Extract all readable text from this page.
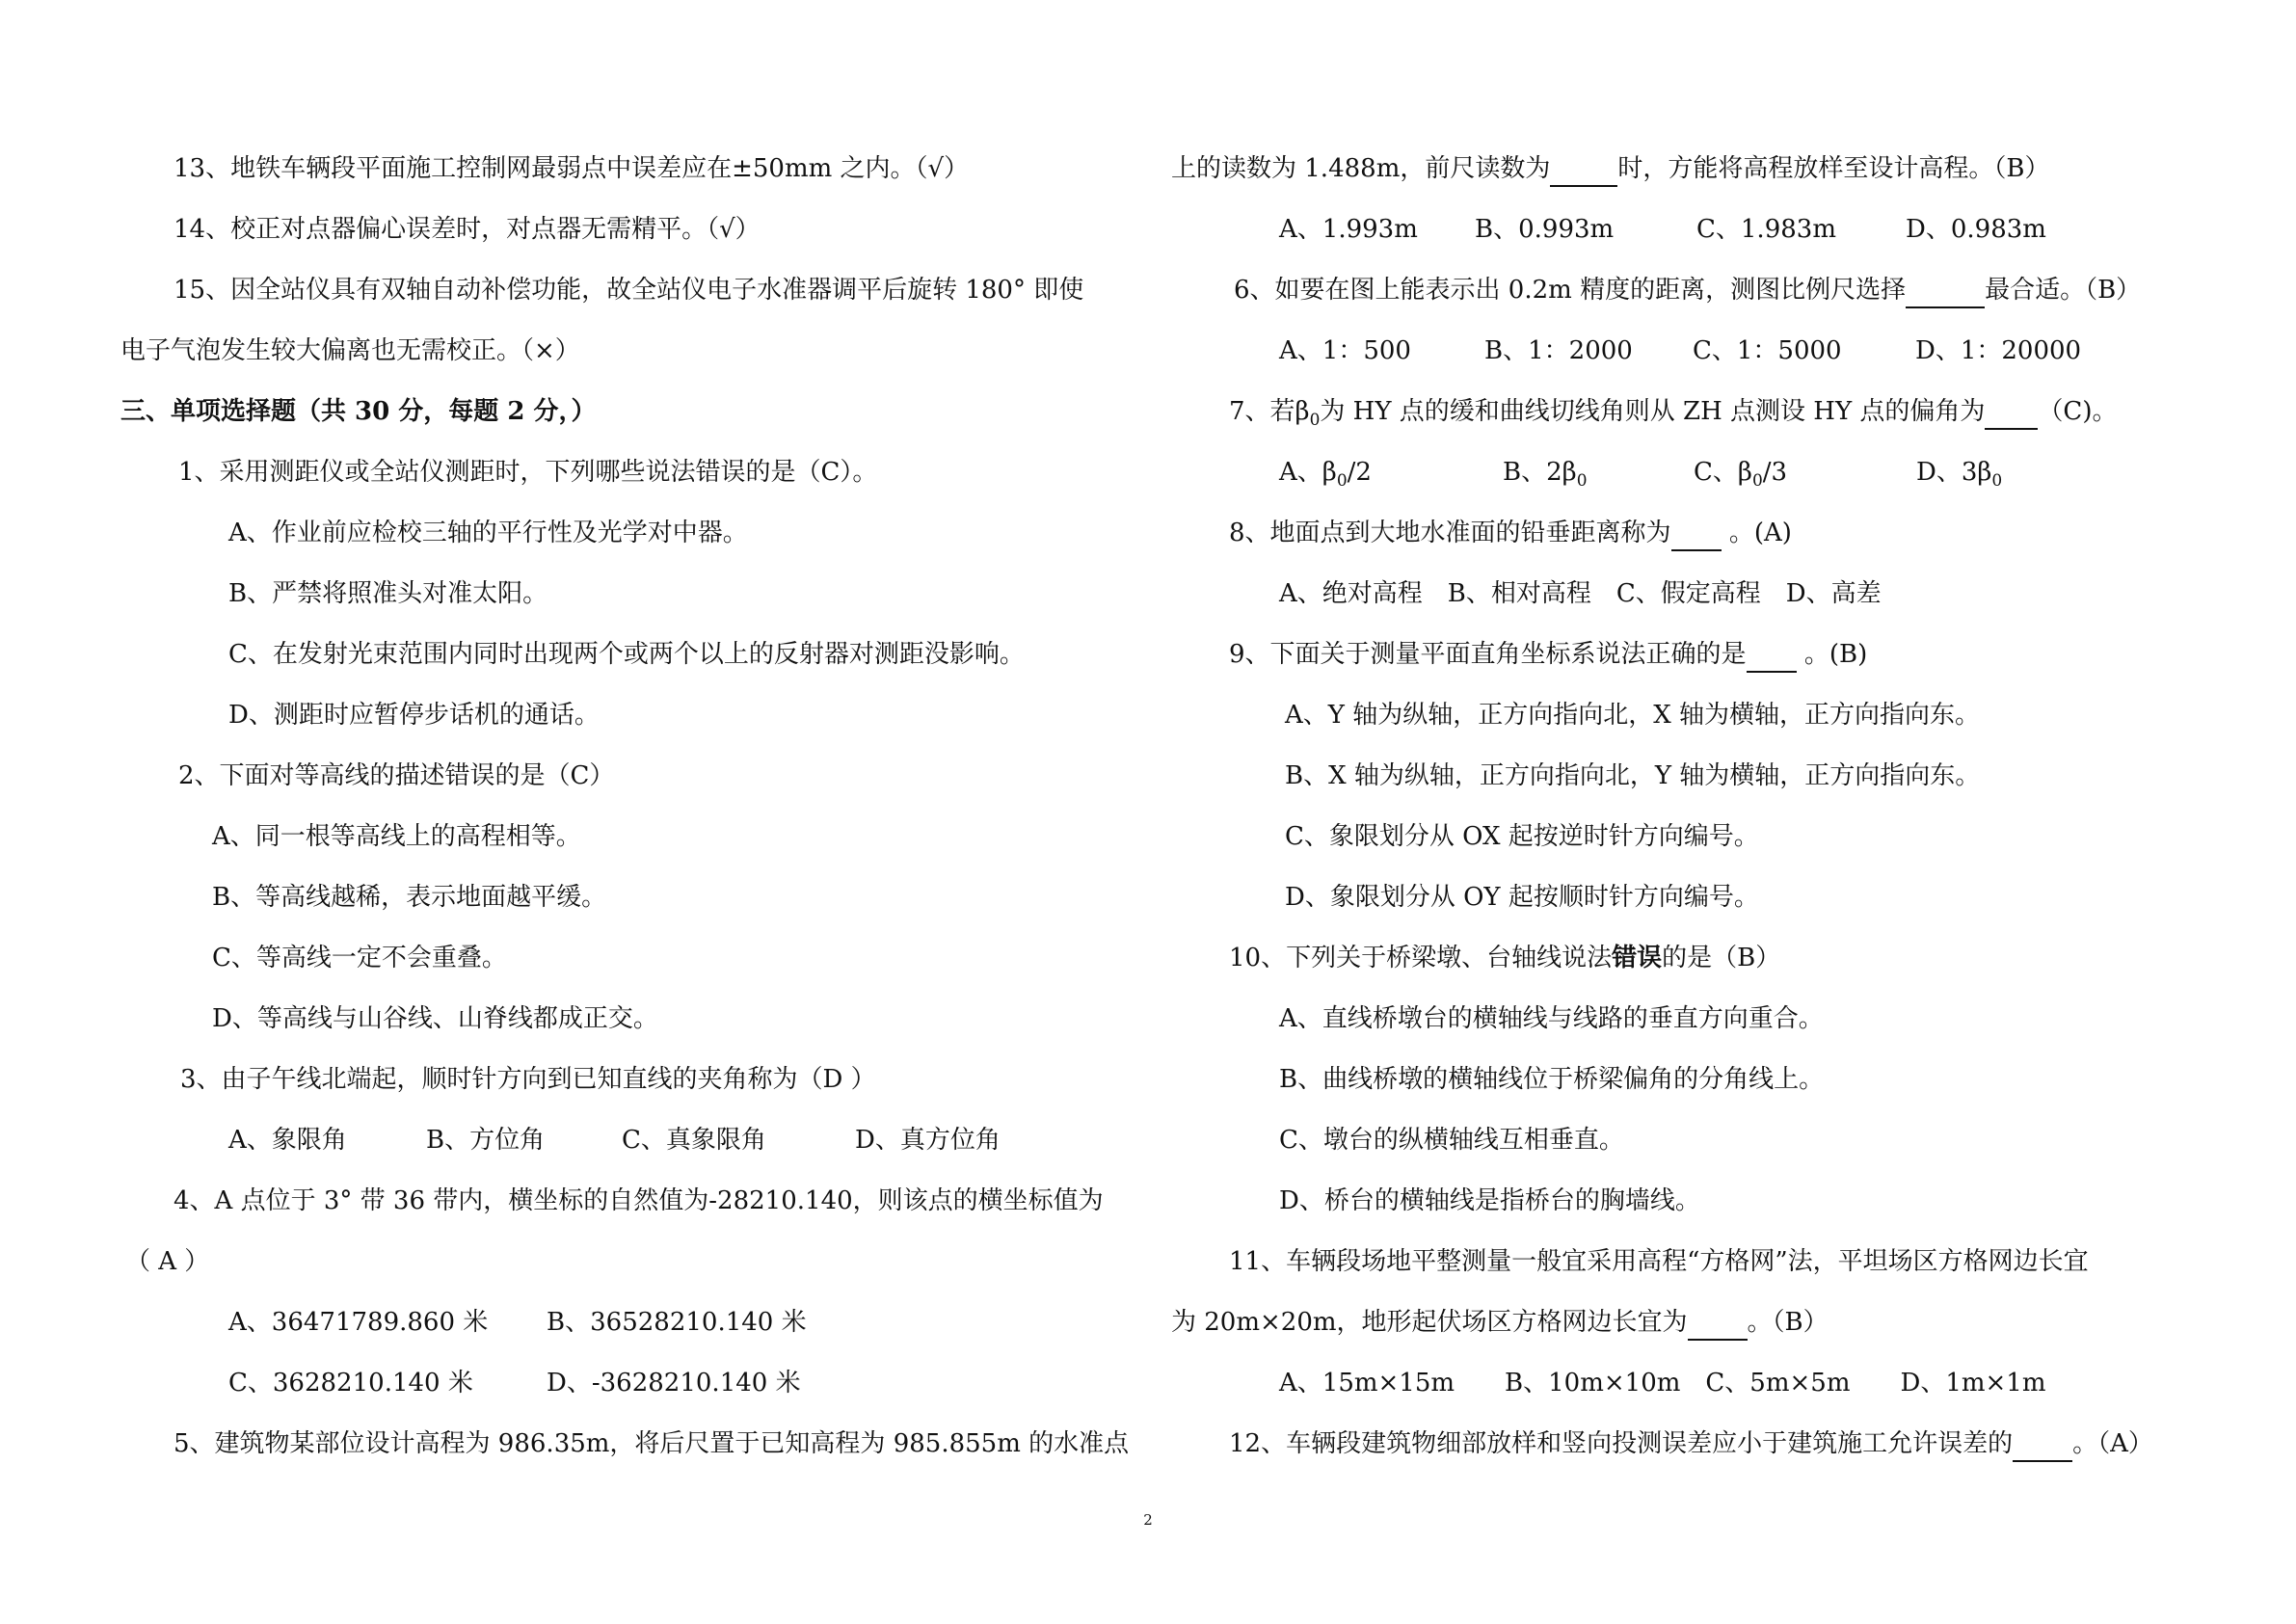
13、地铁车辆段平面施工控制网最弱点中误差应在±50mm 之内。（√）
14、校正对点器偏心误差时，对点器无需精平。（√）
15、因全站仪具有双轴自动补偿功能，故全站仪电子水准器调平后旋转 180° 即使
电子气泡发生较大偏离也无需校正。（×）
三、单项选择题（共 30 分，每题 2 分，）
1、采用测距仪或全站仪测距时，下列哪些说法错误的是（C）。
A、作业前应检校三轴的平行性及光学对中器。
B、严禁将照准头对准太阳。
C、在发射光束范围内同时出现两个或两个以上的反射器对测距没影响。
D、测距时应暂停步话机的通话。
2、下面对等高线的描述错误的是（C）
A、同一根等高线上的高程相等。
B、等高线越稀，表示地面越平缓。
C、等高线一定不会重叠。
D、等高线与山谷线、山脊线都成正交。
3、由子午线北端起，顺时针方向到已知直线的夹角称为（D ）
A、象限角	B、方位角	C、真象限角	D、真方位角
4、A 点位于 3° 带 36 带内，横坐标的自然值为-28210.140，则该点的横坐标值为
（ A ）
A、36471789.860 米 B、36528210.140 米
C、3628210.140 米	D、-3628210.140 米
5、建筑物某部位设计高程为 986.35m，将后尺置于已知高程为 985.855m 的水准点
上的读数为 1.488m，前尺读数为	时，方能将高程放样至设计高程。（B）
A、1.993m B、0.993m	C、1.983m	D、0.983m
6、如要在图上能表示出 0.2m 精度的距离，测图比例尺选择	最合适。（B）
A、1：500	B、1：2000 C、1：5000	D、1：20000
7、若$\beta_0$为 HY 点的缓和曲线切线角则从 ZH 点测设 HY 点的偏角为 （C)。
A、$\beta_0/2$	B、$2\beta_0$	C、$\beta_0/3$	D、$3\beta_0$
8、地面点到大地水准面的铅垂距离称为 。(A)
A、绝对高程　B、相对高程　C、假定高程　D、高差
9、下面关于测量平面直角坐标系说法正确的是 。(B)
A、Y 轴为纵轴，正方向指向北，X 轴为横轴，正方向指向东。
B、X 轴为纵轴，正方向指向北，Y 轴为横轴，正方向指向东。
C、象限划分从 OX 起按逆时针方向编号。
D、象限划分从 OY 起按顺时针方向编号。
10、下列关于桥梁墩、台轴线说法错误的是（B）
A、直线桥墩台的横轴线与线路的垂直方向重合。
B、曲线桥墩的横轴线位于桥梁偏角的分角线上。
C、墩台的纵横轴线互相垂直。
D、桥台的横轴线是指桥台的胸墙线。
11、车辆段场地平整测量一般宜采用高程“方格网”法，平坦场区方格网边长宜
为 20m×20m，地形起伏场区方格网边长宜为 。（B）
A、15m×15m　　B、10m×10m　C、5m×5m　　D、1m×1m
12、车辆段建筑物细部放样和竖向投测误差应小于建筑施工允许误差的 。（A）
2
